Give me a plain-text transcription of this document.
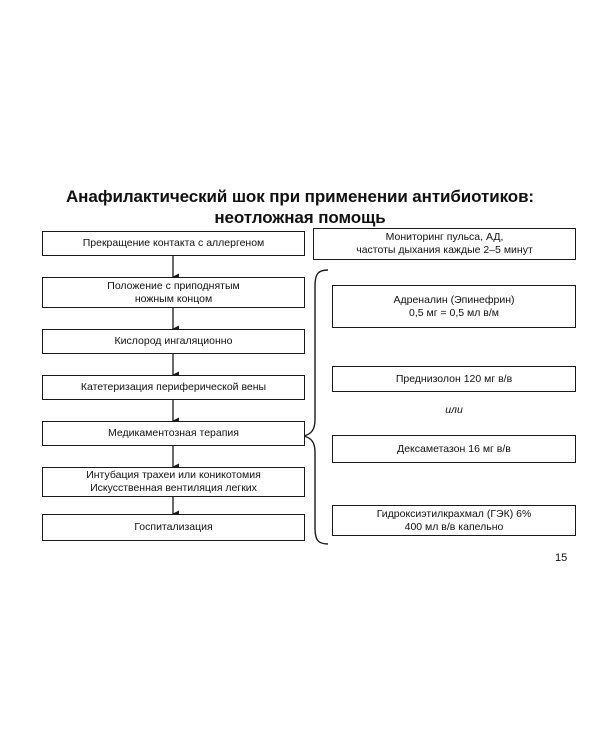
Анафилактический шок при применении антибиотиков:
неотложная помощь
Прекращение контакта с аллергеном
Положение с приподнятым
ножным концом
Кислород ингаляционно
Катетеризация периферической вены
Медикаментозная терапия
Интубация трахеи или коникотомия
Искусственная вентиляция легких
Госпитализация
Мониторинг пульса, АД,
частоты дыхания каждые 2–5 минут
Адреналин (Эпинефрин)
0,5 мг = 0,5 мл в/м
Преднизолон 120 мг в/в
или
Дексаметазон 16 мг в/в
Гидроксиэтилкрахмал (ГЭК) 6%
400 мл в/в капельно
15
